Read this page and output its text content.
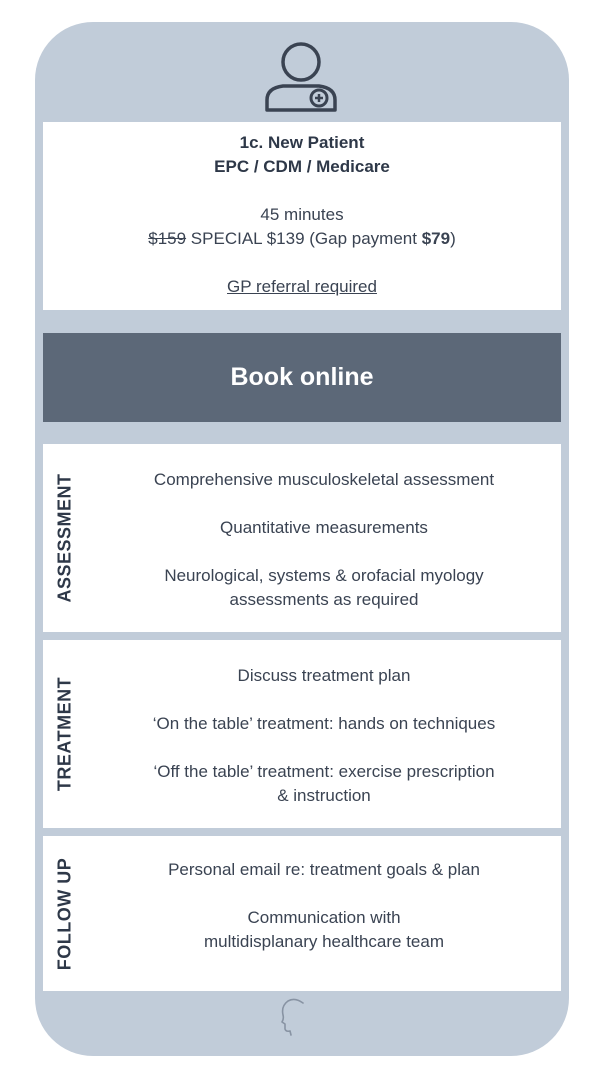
1c. New Patient
EPC / CDM / Medicare
45 minutes
$159 SPECIAL $139 (Gap payment $79)
GP referral required
Book online
ASSESSMENT	Comprehensive musculoskeletal assessment
Quantitative measurements
Neurological, systems & orofacial myology
assessments as required
TREATMENT
Discuss treatment plan
‘On the table’ treatment: hands on techniques
‘Off the table’ treatment: exercise prescription
& instruction
FOLLOW UP	Personal email re: treatment goals & plan
Communication with
multidisplanary healthcare team
